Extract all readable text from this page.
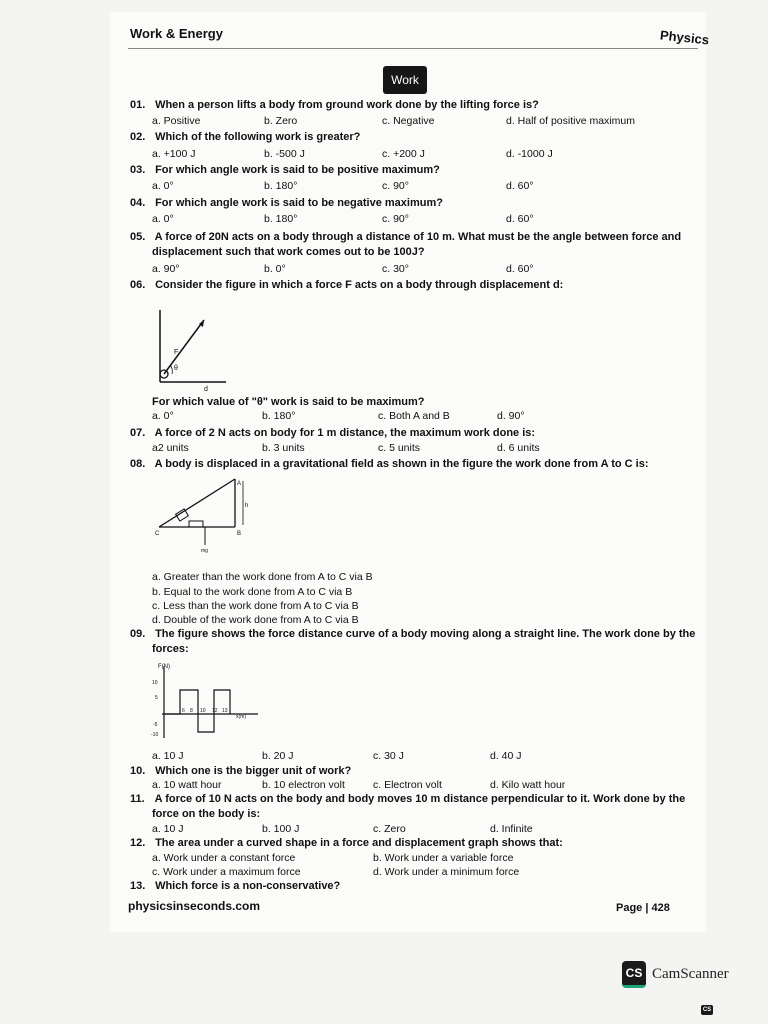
Work & Energy	Physics
Work
01. When a person lifts a body from ground work done by the lifting force is?
a. Positive	b. Zero	c. Negative	d. Half of positive maximum
02. Which of the following work is greater?
a. +100 J	b. -500 J	c. +200 J	d. -1000 J
03. For which angle work is said to be positive maximum?
a. 0°	b. 180°	c. 90°	d. 60°
04. For which angle work is said to be negative maximum?
a. 0°	b. 180°	c. 90°	d. 60°
05. A force of 20N acts on a body through a distance of 10 m. What must be the angle between force and
displacement such that work comes out to be 100J?
a. 90°	b. 0°	c. 30°	d. 60°
06. Consider the figure in which a force F acts on a body through displacement d:
F
θ
d
For which value of "θ" work is said to be maximum?
a. 0°	b. 180°	c. Both A and B	d. 90°
07. A force of 2 N acts on body for 1 m distance, the maximum work done is:
a2 units	b. 3 units	c. 5 units	d. 6 units
08. A body is displaced in a gravitational field as shown in the figure the work done from A to C is:
A
B
C
h
mg
a. Greater than the work done from A to C via B
b. Equal to the work done from A to C via B
c. Less than the work done from A to C via B
d. Double of the work done from A to C via B
09. The figure shows the force distance curve of a body moving along a straight line. The work done by the
forces:
F(N)
x(m)
10
5
-5
-10
6 8 10 12 13
a. 10 J	b. 20 J	c. 30 J	d. 40 J
10. Which one is the bigger unit of work?
a. 10 watt hour	b. 10 electron volt	c. Electron volt	d. Kilo watt hour
11. A force of 10 N acts on the body and body moves 10 m distance perpendicular to it. Work done by the
force on the body is:
a. 10 J	b. 100 J	c. Zero	d. Infinite
12. The area under a curved shape in a force and displacement graph shows that:
a. Work under a constant force	b. Work under a variable force
c. Work under a maximum force	d. Work under a minimum force
13. Which force is a non-conservative?
physicsinseconds.com	Page | 428
CS CamScanner
CS
